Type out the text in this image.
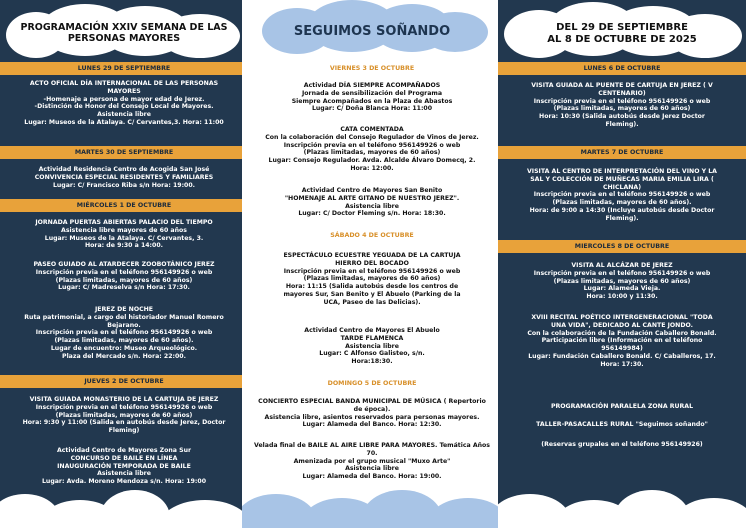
PROGRAMACIÓN XXIV SEMANA DE LAS
PERSONAS MAYORES
LUNES 29 DE SEPTIEMBRE
ACTO OFICIAL DÍA INTERNACIONAL DE LAS PERSONAS
MAYORES
-Homenaje a persona de mayor edad de Jerez.
-Distinción de Honor del Consejo Local de Mayores.
Asistencia libre
Lugar: Museos de la Atalaya. C/ Cervantes,3. Hora: 11:00
MARTES 30 DE SEPTIEMBRE
Actividad Residencia Centro de Acogida San José
CONVIVENCIA ESPECIAL RESIDENTES Y FAMILIARES
Lugar: C/ Francisco Riba s/n Hora: 19:00.
MIÉRCOLES 1 DE OCTUBRE
JORNADA PUERTAS ABIERTAS PALACIO DEL TIEMPO
Asistencia libre mayores de 60 años
Lugar: Museos de la Atalaya. C/ Cervantes, 3.
Hora: de 9:30 a 14:00.
PASEO GUIADO AL ATARDECER ZOOBOTÁNICO JEREZ
Inscripción previa en el teléfono 956149926 o web
(Plazas limitadas, mayores de 60 años)
Lugar: C/ Madreselva s/n Hora: 17:30.
JEREZ DE NOCHE
Ruta patrimonial, a cargo del historiador Manuel Romero
Bejarano.
Inscripción previa en el teléfono 956149926 o web
(Plazas limitadas, mayores de 60 años).
Lugar de encuentro: Museo Arqueológico.
Plaza del Mercado s/n. Hora: 22:00.
JUEVES 2 DE OCTUBRE
VISITA GUIADA MONASTERIO DE LA CARTUJA DE JEREZ
Inscripción previa en el teléfono 956149926 o web
(Plazas limitadas, mayores de 60 años)
Hora: 9:30 y 11:00 (Salida en autobús desde Jerez, Doctor
Fleming)
Actividad Centro de Mayores Zona Sur
CONCURSO DE BAILE EN LÍNEA
INAUGURACIÓN TEMPORADA DE BAILE
Asistencia libre
Lugar: Avda. Moreno Mendoza s/n. Hora: 19:00
SEGUIMOS SOÑANDO
VIERNES 3 DE OCTUBRE
Actividad DÍA SIEMPRE ACOMPAÑADOS
Jornada de sensibilización del Programa
Siempre Acompañados en la Plaza de Abastos
Lugar: C/ Doña Blanca Hora: 11:00
CATA COMENTADA
Con la colaboración del Consejo Regulador de Vinos de Jerez.
Inscripción previa en el teléfono 956149926 o web
(Plazas limitadas, mayores de 60 años)
Lugar: Consejo Regulador. Avda. Alcalde Álvaro Domecq, 2.
Hora: 12:00.
Actividad Centro de Mayores San Benito
"HOMENAJE AL ARTE GITANO DE NUESTRO JEREZ".
Asistencia libre
Lugar: C/ Doctor Fleming s/n. Hora: 18:30.
SÁBADO 4 DE OCTUBRE
ESPECTÁCULO ECUESTRE YEGUADA DE LA CARTUJA
HIERRO DEL BOCADO
Inscripción previa en el teléfono 956149926 o web
(Plazas limitadas, mayores de 60 años)
Hora: 11:15 (Salida autobús desde los centros de
mayores Sur, San Benito y El Abuelo (Parking de la
UCA, Paseo de las Delicias).
Actividad Centro de Mayores El Abuelo
TARDE FLAMENCA
Asistencia libre
Lugar: C Alfonso Galisteo, s/n.
Hora:18:30.
DOMINGO 5 DE OCTUBRE
CONCIERTO ESPECIAL BANDA MUNICIPAL DE MÚSICA ( Repertorio
de época).
Asistencia libre, asientos reservados para personas mayores.
Lugar: Alameda del Banco. Hora: 12:30.
Velada final de BAILE AL AIRE LIBRE PARA MAYORES. Temática Años
70.
Amenizada por el grupo musical "Muxo Arte"
Asistencia libre
Lugar: Alameda del Banco. Hora: 19:00.
DEL 29 DE SEPTIEMBRE
AL 8 DE OCTUBRE DE 2025
LUNES 6 DE OCTUBRE
VISITA GUIADA AL PUENTE DE CARTUJA EN JEREZ ( V
CENTENARIO)
Inscripción previa en el teléfono 956149926 o web
(Plazas limitadas, mayores de 60 años)
Hora: 10:30 (Salida autobús desde Jerez Doctor
Fleming).
MARTES 7 DE OCTUBRE
VISITA AL CENTRO DE INTERPRETACIÓN DEL VINO Y LA
SAL Y COLECCIÓN DE MUÑECAS MARIA EMILIA LIRA (
CHICLANA)
Inscripción previa en el teléfono 956149926 o web
(Plazas limitadas, mayores de 60 años).
Hora: de 9:00 a 14:30 (Incluye autobús desde Doctor
Fleming).
MIERCOLES 8 DE OCTUBRE
VISITA AL ALCÁZAR DE JEREZ
Inscripción previa en el teléfono 956149926 o web
(Plazas limitadas, mayores de 60 años)
Lugar: Alameda Vieja.
Hora: 10:00 y 11:30.
XVIII RECITAL POÉTICO INTERGENERACIONAL "TODA
UNA VIDA", DEDICADO AL CANTE JONDO.
Con la colaboración de la Fundación Caballero Bonald.
Participación libre (Información en el teléfono
956149984)
Lugar: Fundación Caballero Bonald. C/ Caballeros, 17.
Hora: 17:30.
PROGRAMACIÓN PARALELA ZONA RURAL
TALLER-PASACALLES RURAL "Seguimos soñando"
(Reservas grupales en el teléfono 956149926)
